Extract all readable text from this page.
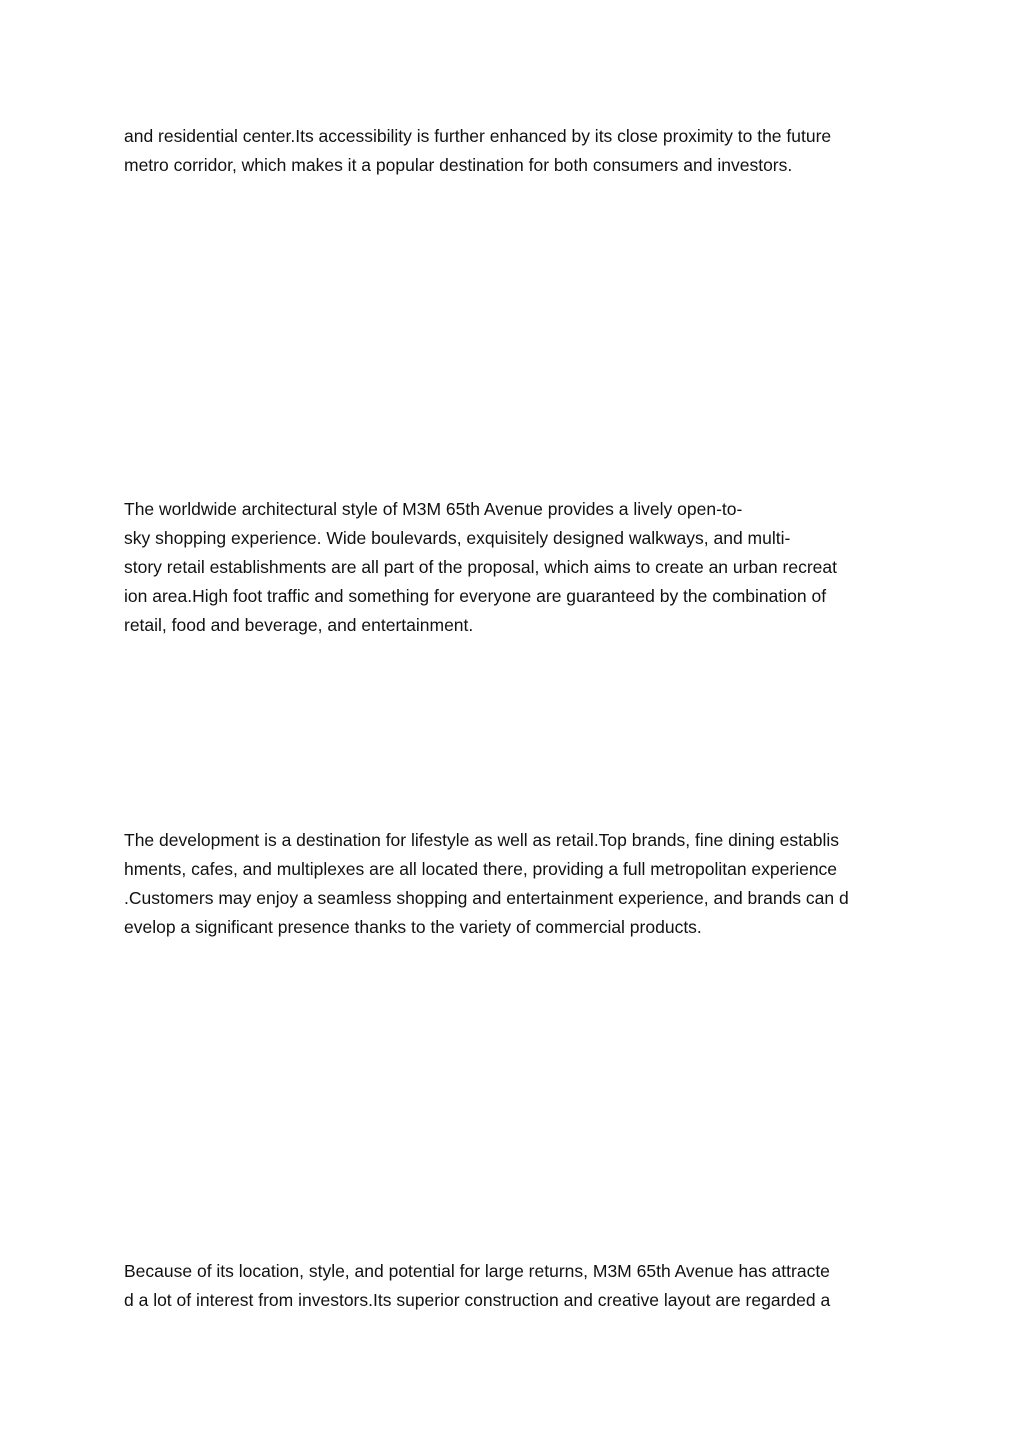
and residential center.Its accessibility is further enhanced by its close proximity to the future
metro corridor, which makes it a popular destination for both consumers and investors.

The worldwide architectural style of M3M 65th Avenue provides a lively open-to-
sky shopping experience. Wide boulevards, exquisitely designed walkways, and multi-
story retail establishments are all part of the proposal, which aims to create an urban recreat
ion area.High foot traffic and something for everyone are guaranteed by the combination of
retail, food and beverage, and entertainment.

The development is a destination for lifestyle as well as retail.Top brands, fine dining establis
hments, cafes, and multiplexes are all located there, providing a full metropolitan experience
.Customers may enjoy a seamless shopping and entertainment experience, and brands can d
evelop a significant presence thanks to the variety of commercial products.

Because of its location, style, and potential for large returns, M3M 65th Avenue has attracte
d a lot of interest from investors.Its superior construction and creative layout are regarded a
